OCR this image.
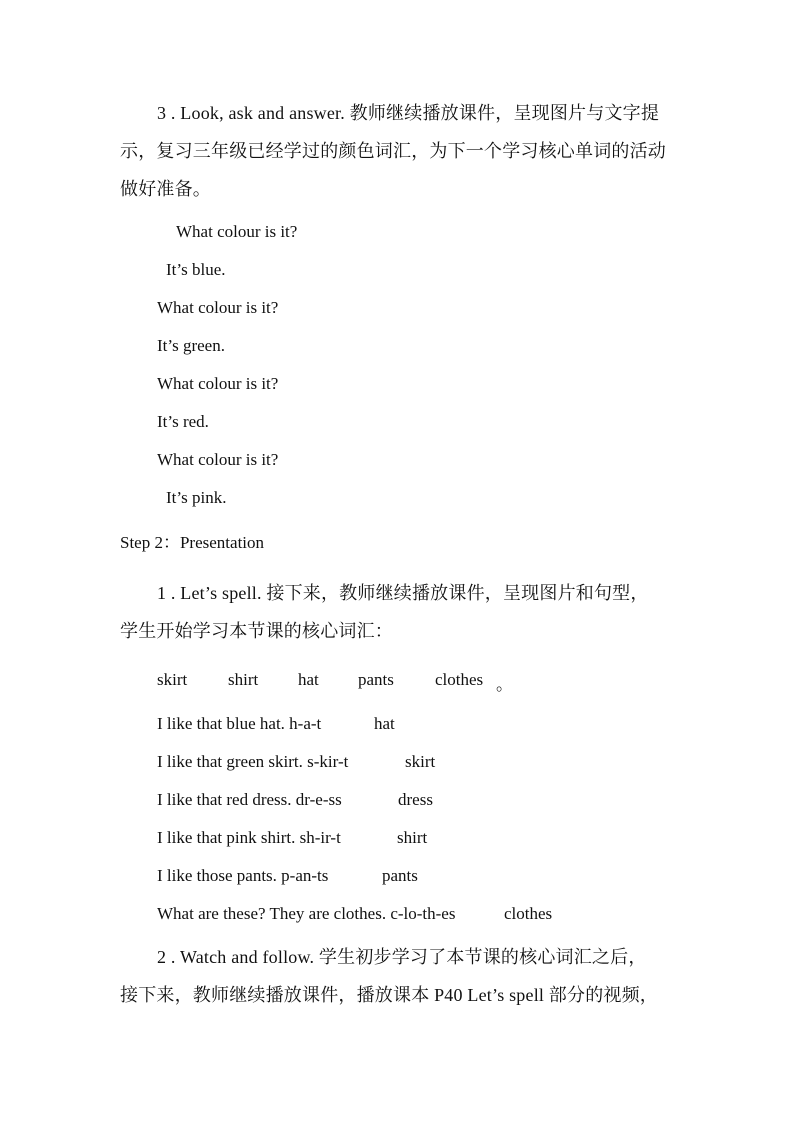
3 . Look, ask and answer. 教师继续播放课件，呈现图片与文字提
示，复习三年级已经学过的颜色词汇，为下一个学习核心单词的活动
做好准备。
What colour is it?
It’s blue.
What colour is it?
It’s green.
What colour is it?
It’s red.
What colour is it?
It’s pink.
Step 2：Presentation
1 . Let’s spell. 接下来，教师继续播放课件，呈现图片和句型，
学生开始学习本节课的核心词汇：
skirt shirt hat pants clothes 。
I like that blue hat. h-a-t	hat
I like that green skirt. s-kir-t	skirt
I like that red dress. dr-e-ss	dress
I like that pink shirt. sh-ir-t	shirt
I like those pants. p-an-ts	pants
What are these? They are clothes. c-lo-th-es	clothes
2 . Watch and follow. 学生初步学习了本节课的核心词汇之后，
接下来，教师继续播放课件，播放课本 P40 Let’s spell 部分的视频，
